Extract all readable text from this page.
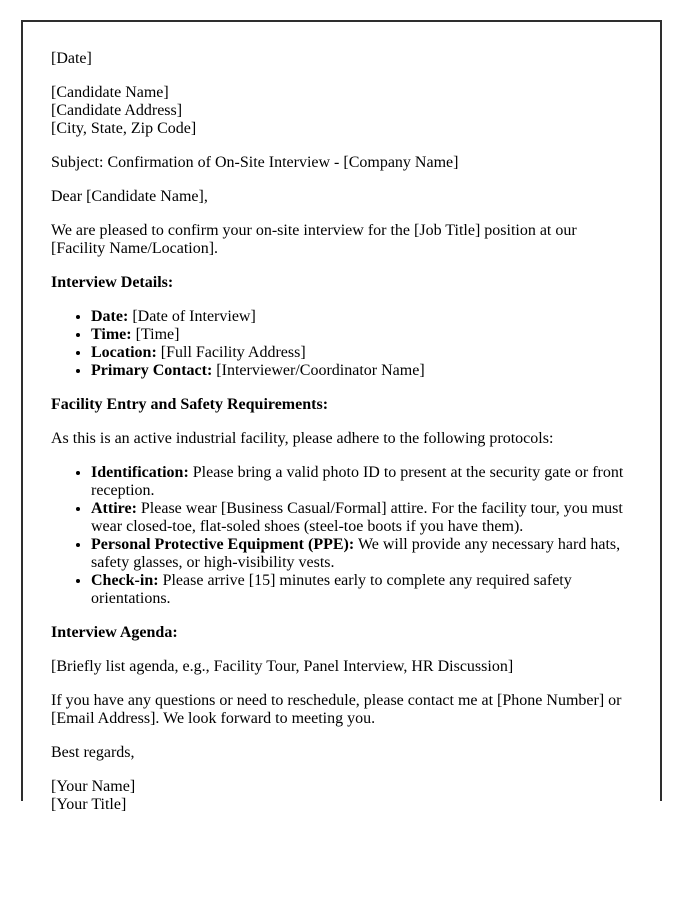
[Date]

[Candidate Name]
[Candidate Address]
[City, State, Zip Code]

Subject: Confirmation of On-Site Interview - [Company Name]

Dear [Candidate Name],

We are pleased to confirm your on-site interview for the [Job Title] position at our [Facility Name/Location].

Interview Details:

• Date: [Date of Interview]
• Time: [Time]
• Location: [Full Facility Address]
• Primary Contact: [Interviewer/Coordinator Name]

Facility Entry and Safety Requirements:

As this is an active industrial facility, please adhere to the following protocols:

• Identification: Please bring a valid photo ID to present at the security gate or front reception.
• Attire: Please wear [Business Casual/Formal] attire. For the facility tour, you must wear closed-toe, flat-soled shoes (steel-toe boots if you have them).
• Personal Protective Equipment (PPE): We will provide any necessary hard hats, safety glasses, or high-visibility vests.
• Check-in: Please arrive [15] minutes early to complete any required safety orientations.

Interview Agenda:

[Briefly list agenda, e.g., Facility Tour, Panel Interview, HR Discussion]

If you have any questions or need to reschedule, please contact me at [Phone Number] or [Email Address]. We look forward to meeting you.

Best regards,

[Your Name]
[Your Title]
